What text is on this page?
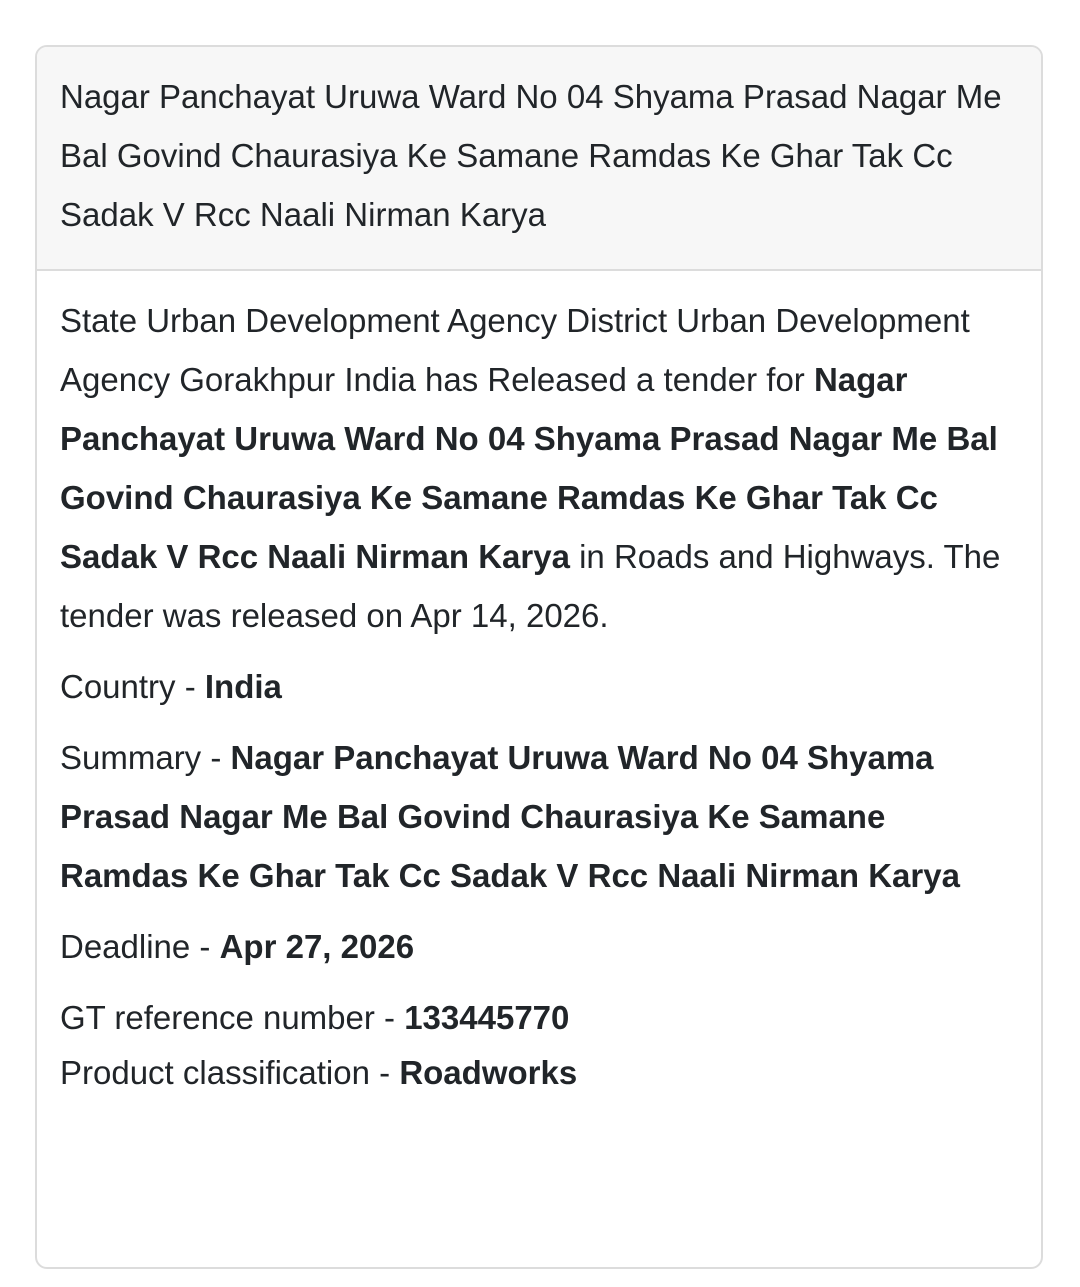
Nagar Panchayat Uruwa Ward No 04 Shyama Prasad Nagar Me Bal Govind Chaurasiya Ke Samane Ramdas Ke Ghar Tak Cc Sadak V Rcc Naali Nirman Karya

State Urban Development Agency District Urban Development Agency Gorakhpur India has Released a tender for Nagar Panchayat Uruwa Ward No 04 Shyama Prasad Nagar Me Bal Govind Chaurasiya Ke Samane Ramdas Ke Ghar Tak Cc Sadak V Rcc Naali Nirman Karya in Roads and Highways. The tender was released on Apr 14, 2026.

Country - India

Summary - Nagar Panchayat Uruwa Ward No 04 Shyama Prasad Nagar Me Bal Govind Chaurasiya Ke Samane Ramdas Ke Ghar Tak Cc Sadak V Rcc Naali Nirman Karya

Deadline - Apr 27, 2026

GT reference number - 133445770

Product classification - Roadworks
